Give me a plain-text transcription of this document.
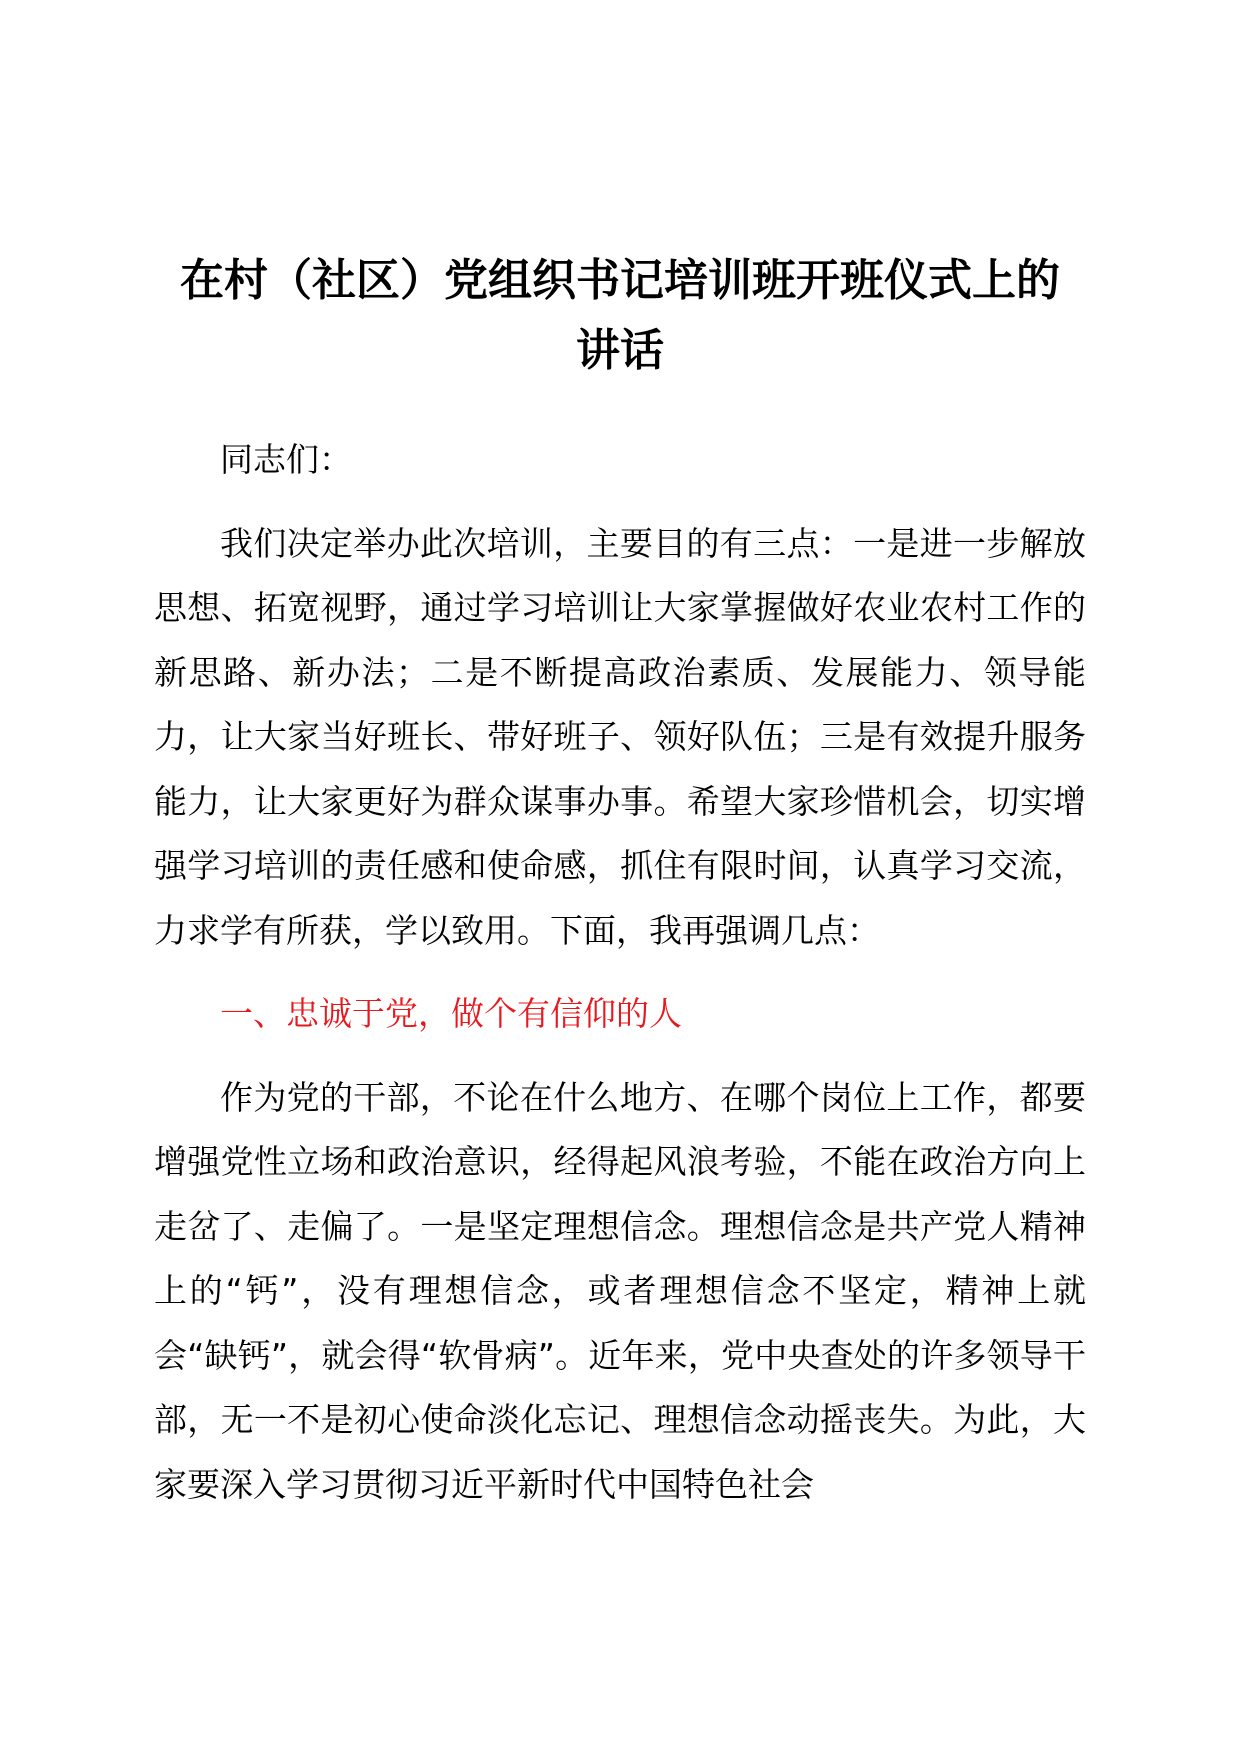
在村（社区）党组织书记培训班开班仪式上的
讲话

同志们：

我们决定举办此次培训，主要目的有三点：一是进一步解放思想、拓宽视野，通过学习培训让大家掌握做好农业农村工作的新思路、新办法；二是不断提高政治素质、发展能力、领导能力，让大家当好班长、带好班子、领好队伍；三是有效提升服务能力，让大家更好为群众谋事办事。希望大家珍惜机会，切实增强学习培训的责任感和使命感，抓住有限时间，认真学习交流，力求学有所获，学以致用。下面，我再强调几点：

一、忠诚于党，做个有信仰的人

作为党的干部，不论在什么地方、在哪个岗位上工作，都要增强党性立场和政治意识，经得起风浪考验，不能在政治方向上走岔了、走偏了。一是坚定理想信念。理想信念是共产党人精神上的“钙”，没有理想信念，或者理想信念不坚定，精神上就会“缺钙”，就会得“软骨病”。近年来，党中央查处的许多领导干部，无一不是初心使命淡化忘记、理想信念动摇丧失。为此，大家要深入学习贯彻习近平新时代中国特色社会
